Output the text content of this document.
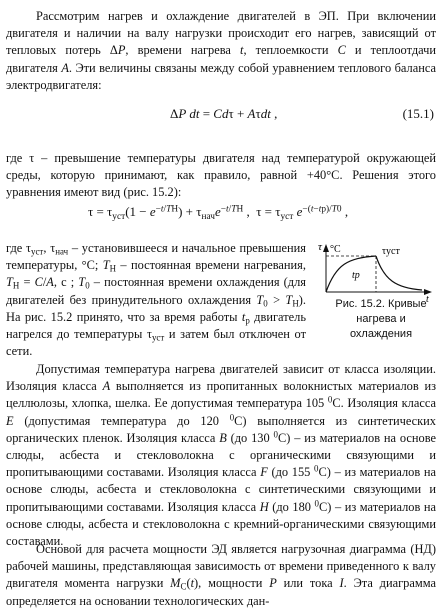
Рассмотрим нагрев и охлаждение двигателей в ЭП. При включении двигателя и наличии на валу нагрузки происходит его нагрев, зависящий от тепловых потерь ΔP, времени нагрева t, теплоемкости C и теплоотдачи двигателя A. Эти величины связаны между собой уравнением теплового баланса электродвигателя:

ΔP dt = Cdτ + Aτdt ,	(15.1)

где τ – превышение температуры двигателя над температурой окружающей среды, которую принимают, как правило, равной +40°С. Решения этого уравнения имеют вид (рис. 15.2):

$\tau = \tau_{уст}(1 - e^{-t/TН}) + \tau_{нач}e^{-t/TН}$ ,  $\tau = \tau_{уст}$ $e^{-(t-tр)/T0}$ ,

где $\tau_{уст}$, $\tau_{нач}$ – установившееся и начальное превышения температуры, °С; $T_Н$ – постоянная времени нагревания, $T_Н = C/A$, с ; $T_0$ – постоянная времени охлаждения (для двигателей без принудительного охлаждения $T_0 > T_Н$). На рис. 15.2 принято, что за время работы $t_р$ двигатель нагрелся до температуры $\tau_{уст}$ и затем был отключен от сети.

τ °С	τуст
tр
t
Рис. 15.2. Кривые нагрева и охлаждения

Допустимая температура нагрева двигателей зависит от класса изоляции. Изоляция класса A выполняется из пропитанных волокнистых материалов из целлюлозы, хлопка, шелка. Ее допустимая температура 105 $^0$С. Изоляция класса E (допустимая температура до 120 $^0$С) выполняется из синтетических органических пленок. Изоляция класса B (до 130 $^0$С) – из материалов на основе слюды, асбеста и стекловолокна с органическими связующими и пропитывающими составами. Изоляция класса F (до 155 $^0$С) – из материалов на основе слюды, асбеста и стекловолокна с синтетическими связующими и пропитывающими составами. Изоляция класса H (до 180 $^0$С) – из материалов на основе слюды, асбеста и стекловолокна с кремний-органическими связующими составами.

Основой для расчета мощности ЭД является нагрузочная диаграмма (НД) рабочей машины, представляющая зависимость от времени приведенного к валу двигателя момента нагрузки $M_С(t)$, мощности P или тока I. Эта диаграмма определяется на основании технологических дан-
